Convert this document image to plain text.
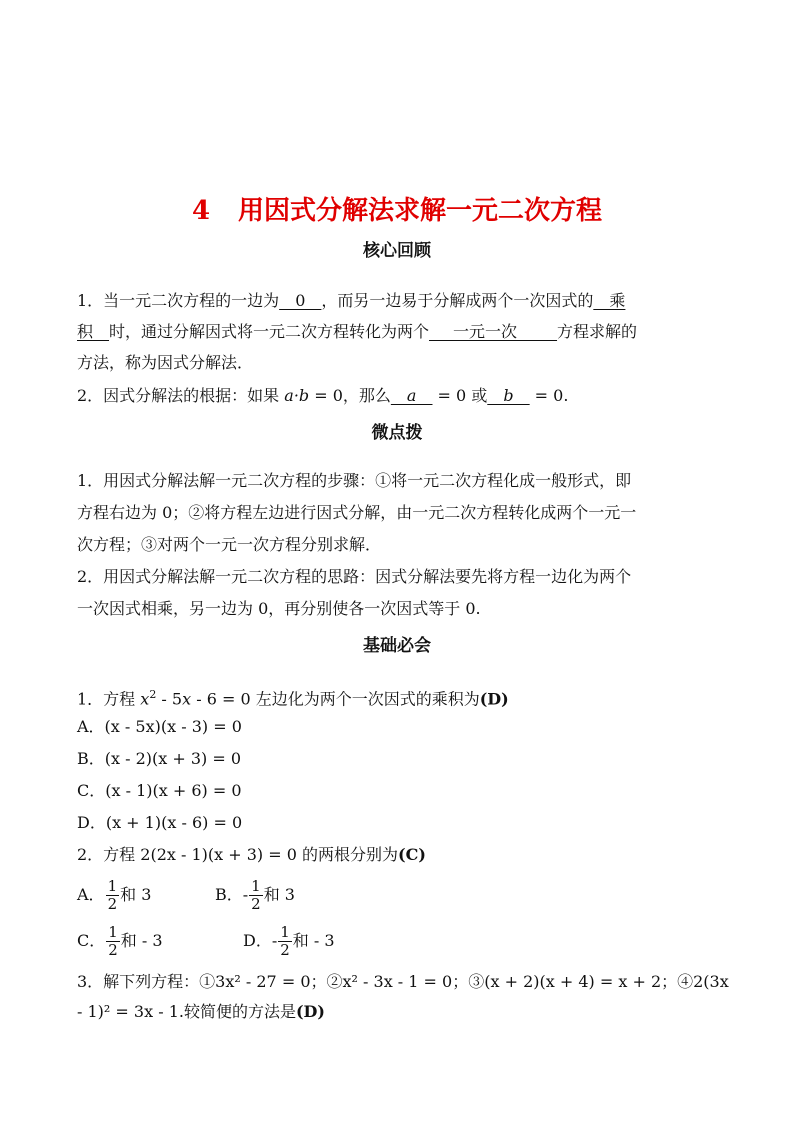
4 用因式分解法求解一元二次方程
核心回顾
1．当一元二次方程的一边为__0__，而另一边易于分解成两个一次因式的__乘
积__时，通过分解因式将一元二次方程转化为两个___一元一次_____方程求解的
方法，称为因式分解法．
2．因式分解法的根据：如果 a·b = 0，那么__a__ = 0 或__b__ = 0.
微点拨
1．用因式分解法解一元二次方程的步骤：①将一元二次方程化成一般形式，即
方程右边为 0；②将方程左边进行因式分解，由一元二次方程转化成两个一元一
次方程；③对两个一元一次方程分别求解．
2．用因式分解法解一元二次方程的思路：因式分解法要先将方程一边化为两个
一次因式相乘，另一边为 0，再分别使各一次因式等于 0.
基础必会
1．方程 $x^2 - 5x - 6 = 0$ 左边化为两个一次因式的乘积为(D)
A．(x - 5x)(x - 3) = 0
B．(x - 2)(x + 3) = 0
C．(x - 1)(x + 6) = 0
D．(x + 1)(x - 6) = 0
2．方程 2(2x - 1)(x + 3) = 0 的两根分别为(C)
A． $\frac{1}{2}$ 和 3	B．- $\frac{1}{2}$ 和 3
C． $\frac{1}{2}$ 和 - 3	D．- $\frac{1}{2}$ 和 - 3
3．解下列方程：①3x² - 27 = 0；②x² - 3x - 1 = 0；③(x + 2)(x + 4) = x + 2；④2(3x
- 1)² = 3x - 1.较简便的方法是(D)
